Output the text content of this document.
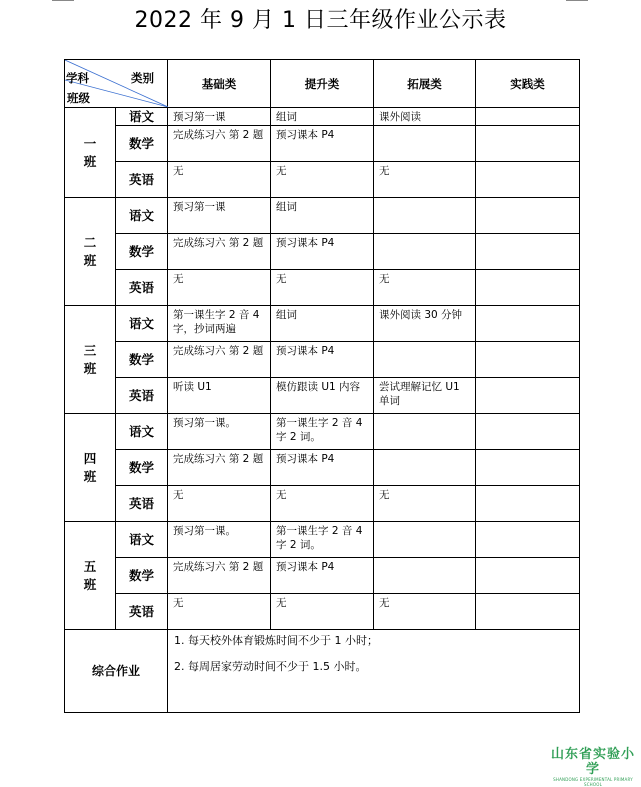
2022 年 9 月 1 日三年级作业公示表
类别
学科
班级		基础类	提升类	拓展类	实践类

一
班	语文	预习第一课	组词	课外阅读	
	数学	完成练习六 第 2 题	预习课本 P4		
	英语	无	无	无	

二
班	语文	预习第一课	组词		
	数学	完成练习六 第 2 题	预习课本 P4		
	英语	无	无	无	

三
班	语文	第一课生字 2 音 4 字，抄词两遍	组词	课外阅读 30 分钟	
	数学	完成练习六 第 2 题	预习课本 P4		
	英语	听读 U1	模仿跟读 U1 内容	尝试理解记忆 U1 单词	

四
班	语文	预习第一课。	第一课生字 2 音 4 字 2 词。		
	数学	完成练习六 第 2 题	预习课本 P4		
	英语	无	无	无	

五
班	语文	预习第一课。	第一课生字 2 音 4 字 2 词。		
	数学	完成练习六 第 2 题	预习课本 P4		
	英语	无	无	无	
综合作业		1. 每天校外体育锻炼时间不少于 1 小时；
2. 每周居家劳动时间不少于 1.5 小时。			
山东省实验小学
SHANDONG EXPERIMENTAL PRIMARY SCHOOL
